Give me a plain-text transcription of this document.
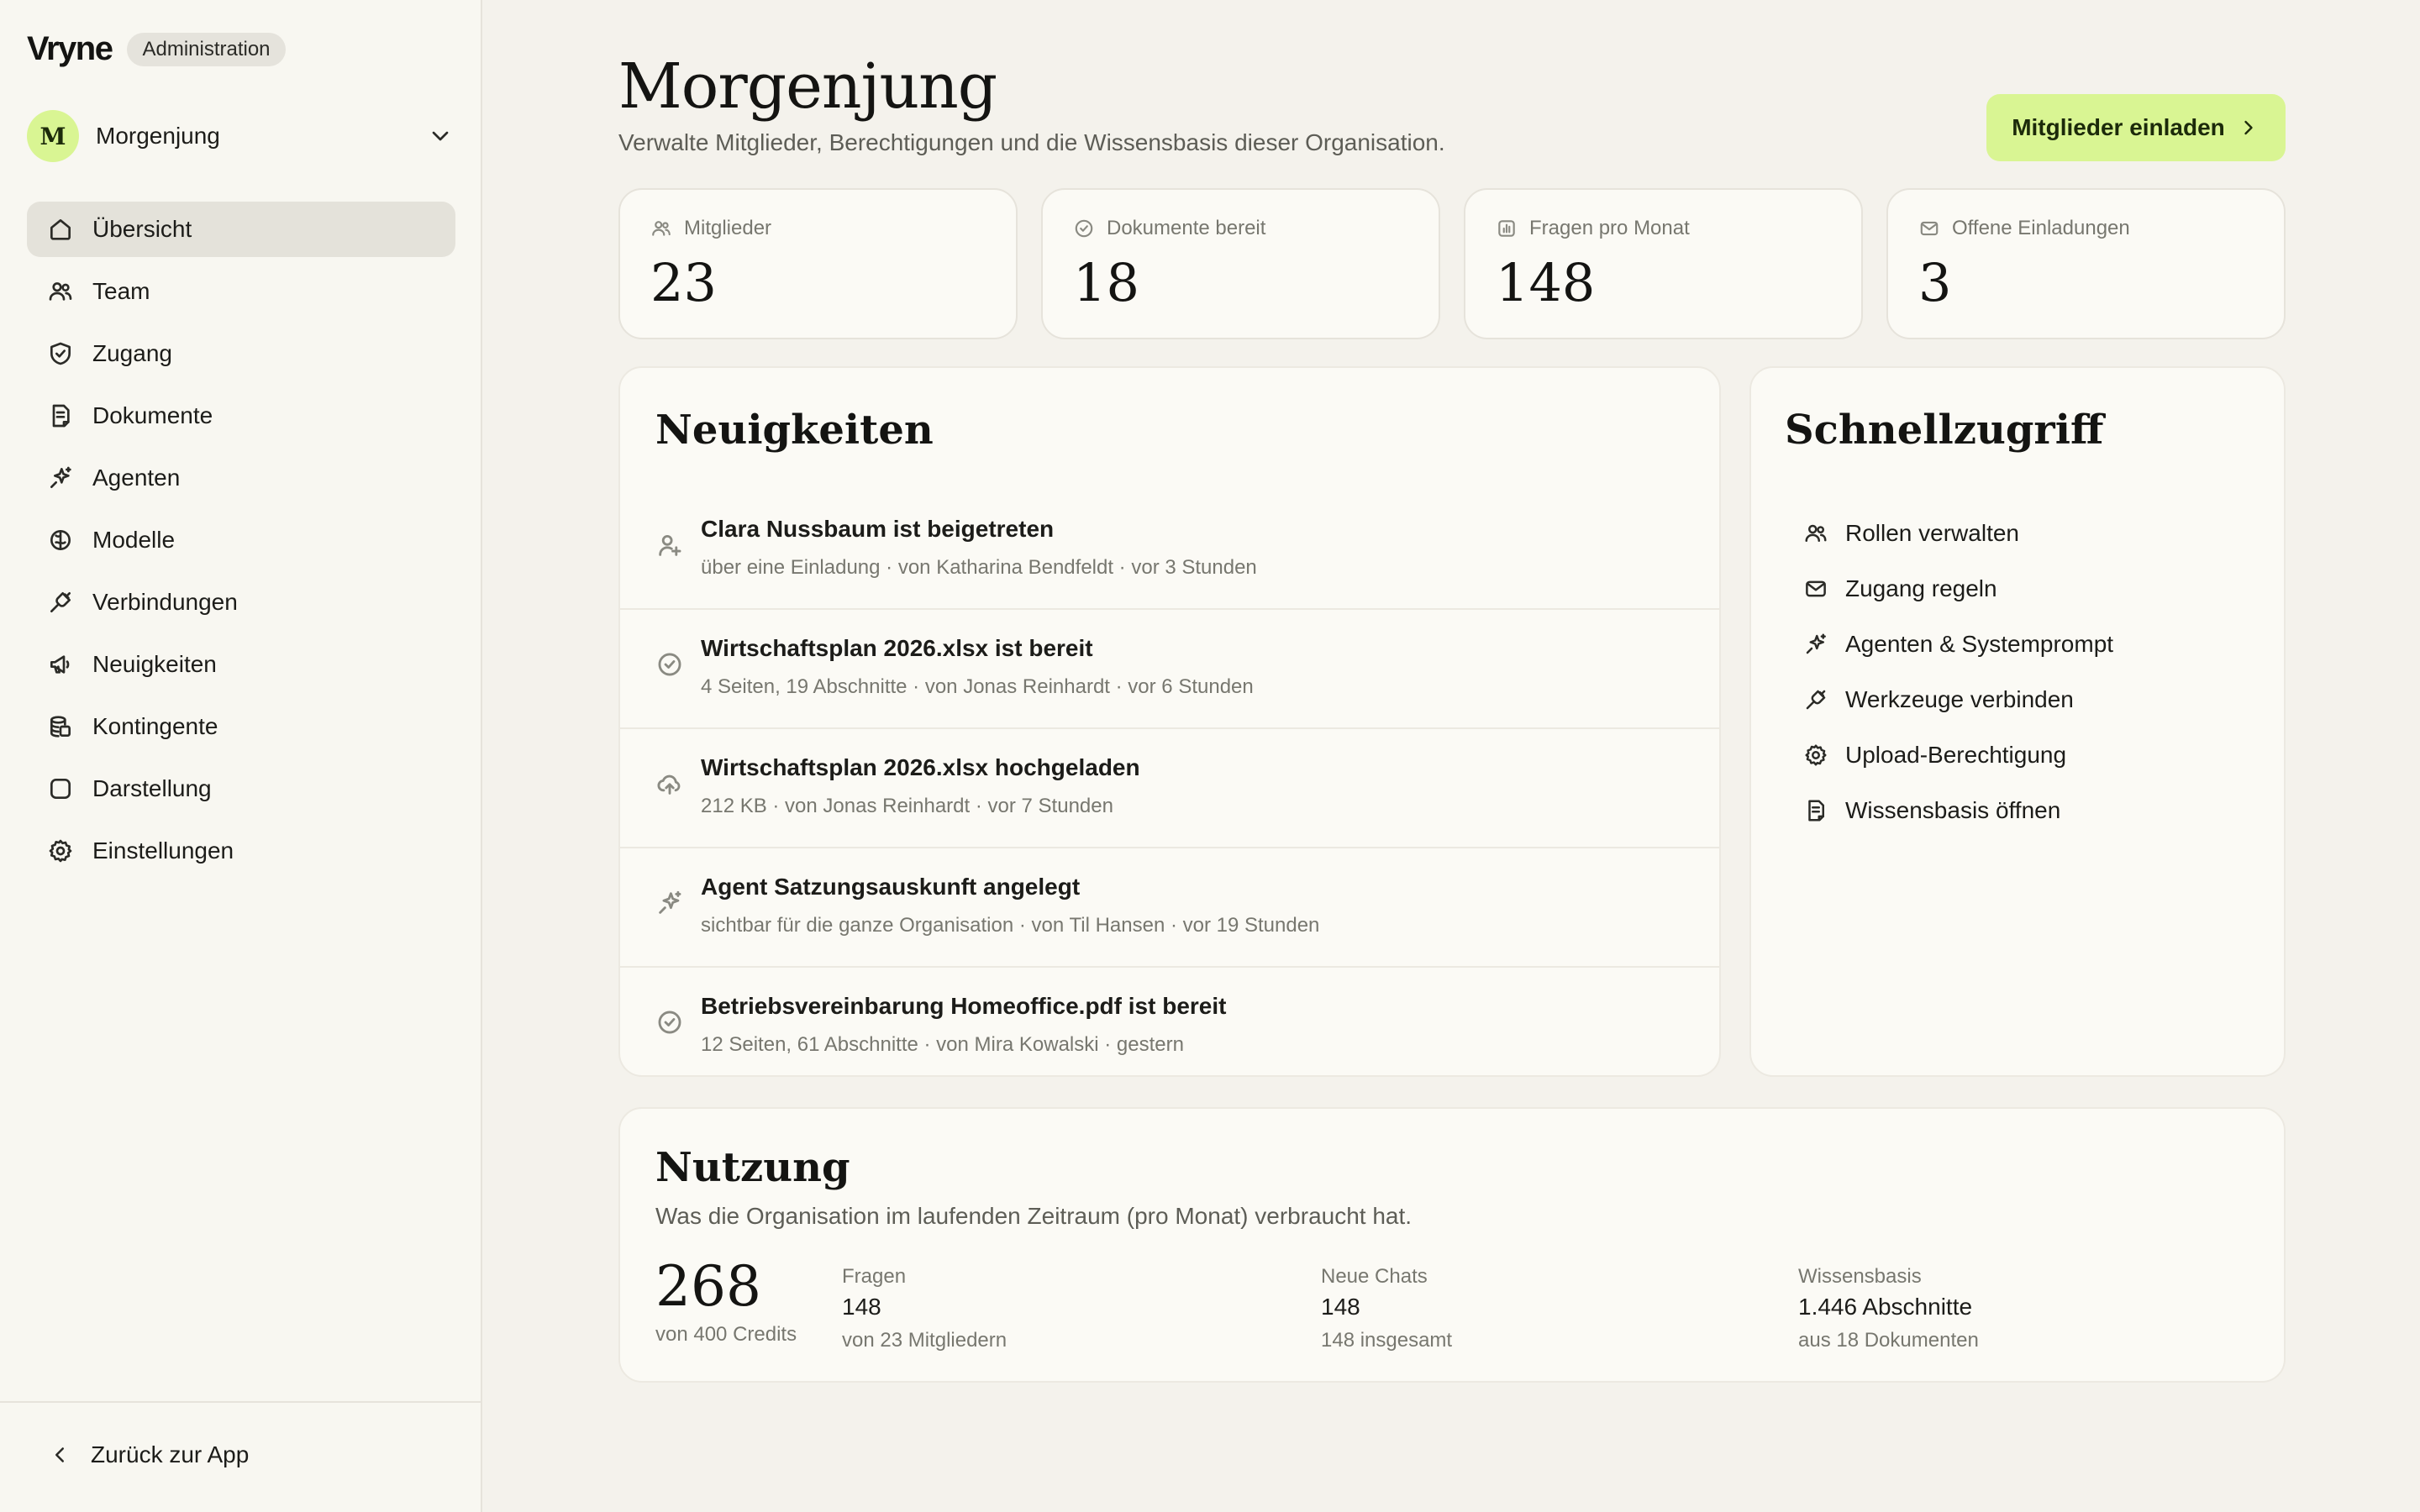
Vryne	Administration
M	Morgenjung
Übersicht
Team
Zugang
Dokumente
Agenten
Modelle
Verbindungen
Neuigkeiten
Kontingente
Darstellung
Einstellungen
Zurück zur App
Morgenjung

Verwalte Mitglieder, Berechtigungen und die Wissensbasis dieser Organisation.

Mitglieder einladen
Mitglieder
23
Dokumente bereit
18
Fragen pro Monat
148
Offene Einladungen
3
Neuigkeiten
Clara Nussbaum ist beigetreten
über eine Einladung · von Katharina Bendfeldt · vor 3 Stunden
Wirtschaftsplan 2026.xlsx ist bereit
4 Seiten, 19 Abschnitte · von Jonas Reinhardt · vor 6 Stunden
Wirtschaftsplan 2026.xlsx hochgeladen
212 KB · von Jonas Reinhardt · vor 7 Stunden
Agent Satzungsauskunft angelegt
sichtbar für die ganze Organisation · von Til Hansen · vor 19 Stunden
Betriebsvereinbarung Homeoffice.pdf ist bereit
12 Seiten, 61 Abschnitte · von Mira Kowalski · gestern
Schnellzugriff
Rollen verwalten
Zugang regeln
Agenten & Systemprompt
Werkzeuge verbinden
Upload-Berechtigung
Wissensbasis öffnen
Nutzung

Was die Organisation im laufenden Zeitraum (pro Monat) verbraucht hat.

268
von 400 Credits
Fragen
148
von 23 Mitgliedern
Neue Chats
148
148 insgesamt
Wissensbasis
1.446 Abschnitte
aus 18 Dokumenten
